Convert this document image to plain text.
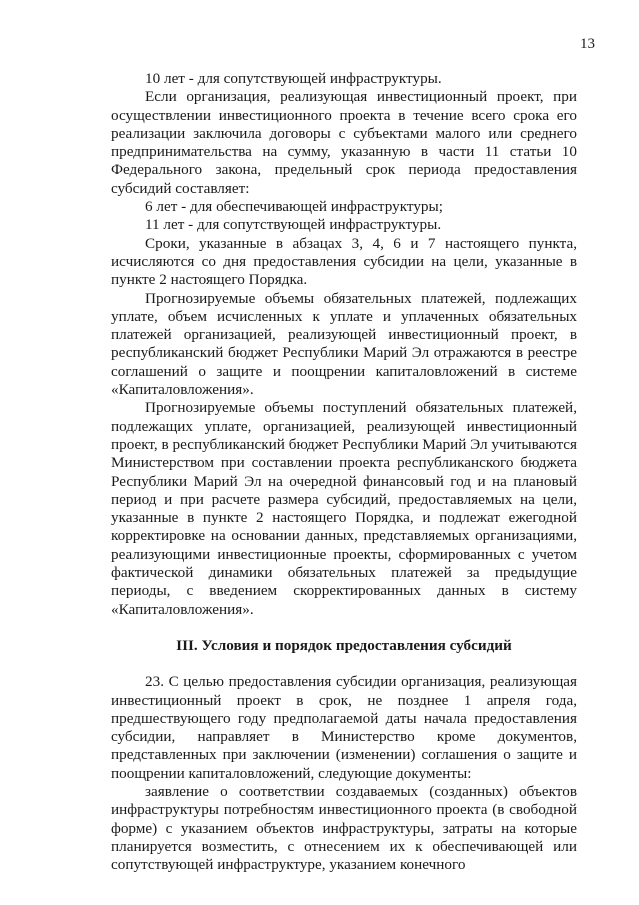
13

10 лет - для сопутствующей инфраструктуры.

Если организация, реализующая инвестиционный проект, при осуществлении инвестиционного проекта в течение всего срока его реализации заключила договоры с субъектами малого или среднего предпринимательства на сумму, указанную в части 11 статьи 10 Федерального закона, предельный срок периода предоставления субсидий составляет:

6 лет - для обеспечивающей инфраструктуры;

11 лет - для сопутствующей инфраструктуры.

Сроки, указанные в абзацах 3, 4, 6 и 7 настоящего пункта, исчисляются со дня предоставления субсидии на цели, указанные в пункте 2 настоящего Порядка.

Прогнозируемые объемы обязательных платежей, подлежащих уплате, объем исчисленных к уплате и уплаченных обязательных платежей организацией, реализующей инвестиционный проект, в республиканский бюджет Республики Марий Эл отражаются в реестре соглашений о защите и поощрении капиталовложений в системе «Капиталовложения».

Прогнозируемые объемы поступлений обязательных платежей, подлежащих уплате, организацией, реализующей инвестиционный проект, в республиканский бюджет Республики Марий Эл учитываются Министерством при составлении проекта республиканского бюджета Республики Марий Эл на очередной финансовый год и на плановый период и при расчете размера субсидий, предоставляемых на цели, указанные в пункте 2 настоящего Порядка, и подлежат ежегодной корректировке на основании данных, представляемых организациями, реализующими инвестиционные проекты, сформированных с учетом фактической динамики обязательных платежей за предыдущие периоды, с введением скорректированных данных в систему «Капиталовложения».

III. Условия и порядок предоставления субсидий

23. С целью предоставления субсидии организация, реализующая инвестиционный проект в срок, не позднее 1 апреля года, предшествующего году предполагаемой даты начала предоставления субсидии, направляет в Министерство кроме документов, представленных при заключении (изменении) соглашения о защите и поощрении капиталовложений, следующие документы:

заявление о соответствии создаваемых (созданных) объектов инфраструктуры потребностям инвестиционного проекта (в свободной форме) с указанием объектов инфраструктуры, затраты на которые планируется возместить, с отнесением их к обеспечивающей или сопутствующей инфраструктуре, указанием конечного
